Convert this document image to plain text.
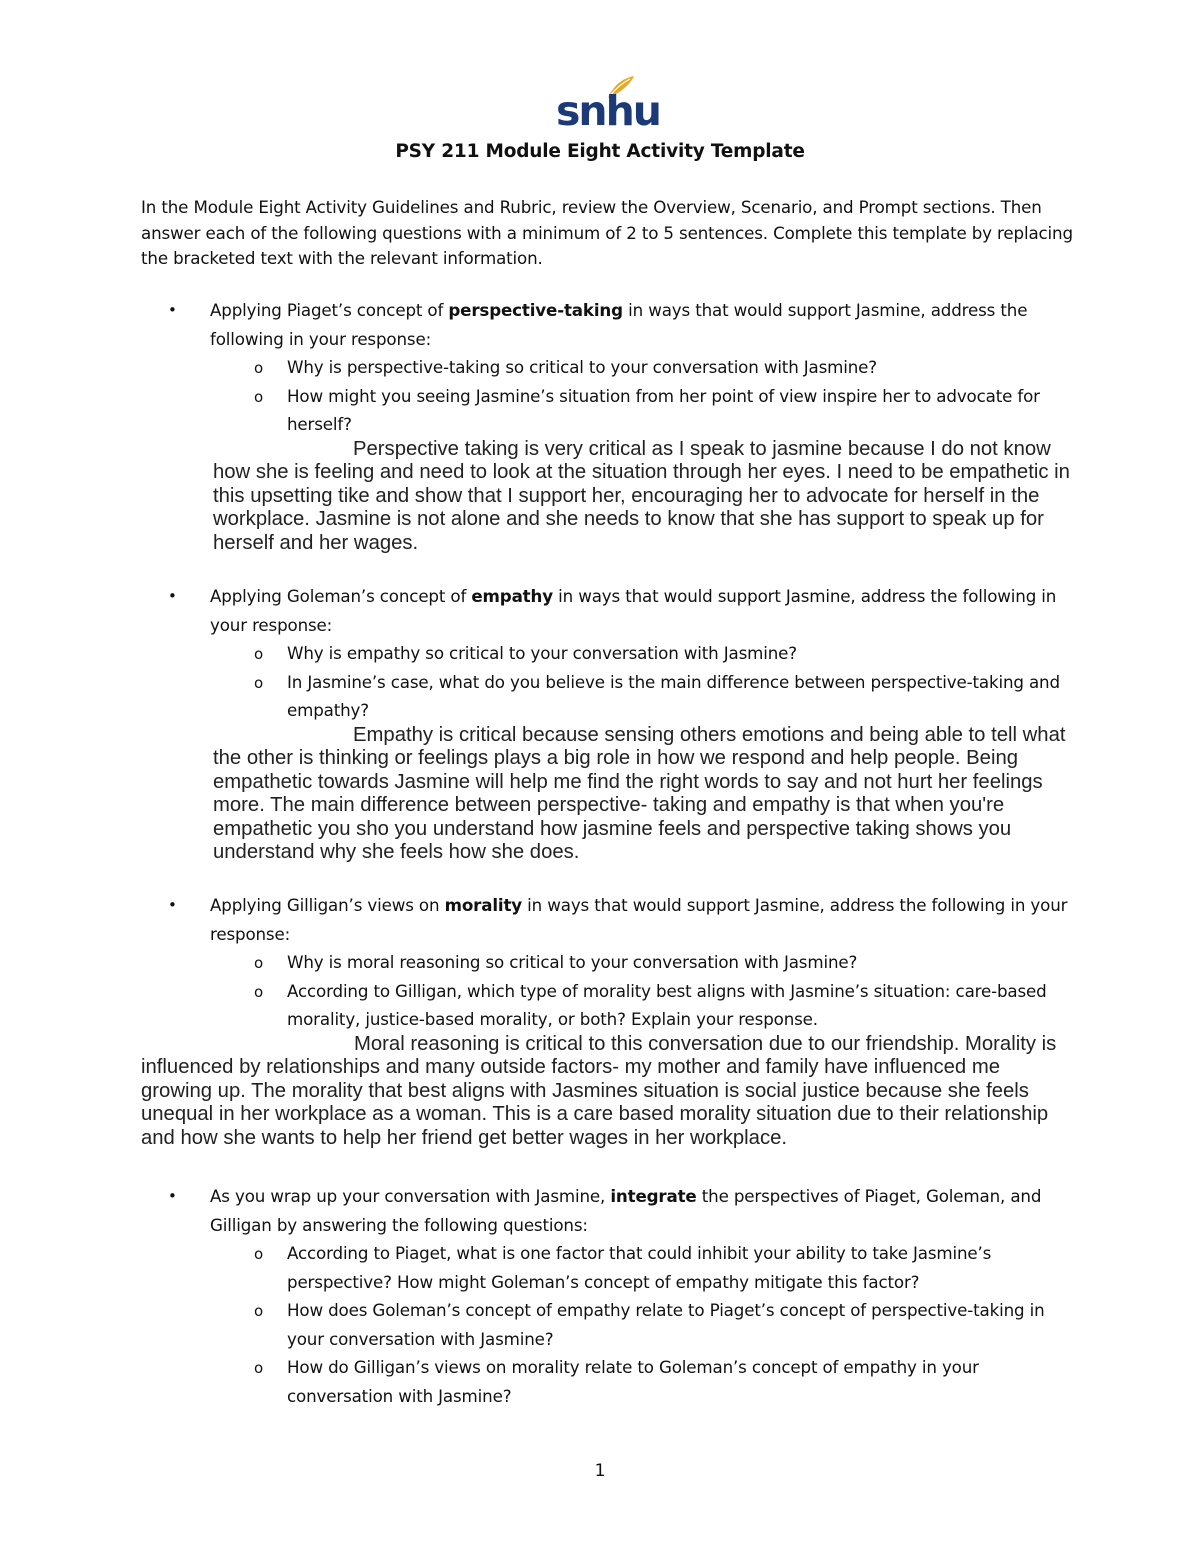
snhu
PSY 211 Module Eight Activity Template
In the Module Eight Activity Guidelines and Rubric, review the Overview, Scenario, and Prompt sections. Then answer each of the following questions with a minimum of 2 to 5 sentences. Complete this template by replacing the bracketed text with the relevant information.
• Applying Piaget’s concept of perspective-taking in ways that would support Jasmine, address the following in your response:
o Why is perspective-taking so critical to your conversation with Jasmine?
o How might you seeing Jasmine’s situation from her point of view inspire her to advocate for herself?
Perspective taking is very critical as I speak to jasmine because I do not know how she is feeling and need to look at the situation through her eyes. I need to be empathetic in this upsetting tike and show that I support her, encouraging her to advocate for herself in the workplace. Jasmine is not alone and she needs to know that she has support to speak up for herself and her wages.
• Applying Goleman’s concept of empathy in ways that would support Jasmine, address the following in your response:
o Why is empathy so critical to your conversation with Jasmine?
o In Jasmine’s case, what do you believe is the main difference between perspective-taking and empathy?
Empathy is critical because sensing others emotions and being able to tell what the other is thinking or feelings plays a big role in how we respond and help people. Being empathetic towards Jasmine will help me find the right words to say and not hurt her feelings more. The main difference between perspective- taking and empathy is that when you're empathetic you sho you understand how jasmine feels and perspective taking shows you understand why she feels how she does.
• Applying Gilligan’s views on morality in ways that would support Jasmine, address the following in your response:
o Why is moral reasoning so critical to your conversation with Jasmine?
o According to Gilligan, which type of morality best aligns with Jasmine’s situation: care-based morality, justice-based morality, or both? Explain your response.
Moral reasoning is critical to this conversation due to our friendship. Morality is influenced by relationships and many outside factors- my mother and family have influenced me growing up. The morality that best aligns with Jasmines situation is social justice because she feels unequal in her workplace as a woman. This is a care based morality situation due to their relationship and how she wants to help her friend get better wages in her workplace.
• As you wrap up your conversation with Jasmine, integrate the perspectives of Piaget, Goleman, and Gilligan by answering the following questions:
o According to Piaget, what is one factor that could inhibit your ability to take Jasmine’s perspective? How might Goleman’s concept of empathy mitigate this factor?
o How does Goleman’s concept of empathy relate to Piaget’s concept of perspective-taking in your conversation with Jasmine?
o How do Gilligan’s views on morality relate to Goleman’s concept of empathy in your conversation with Jasmine?
1
